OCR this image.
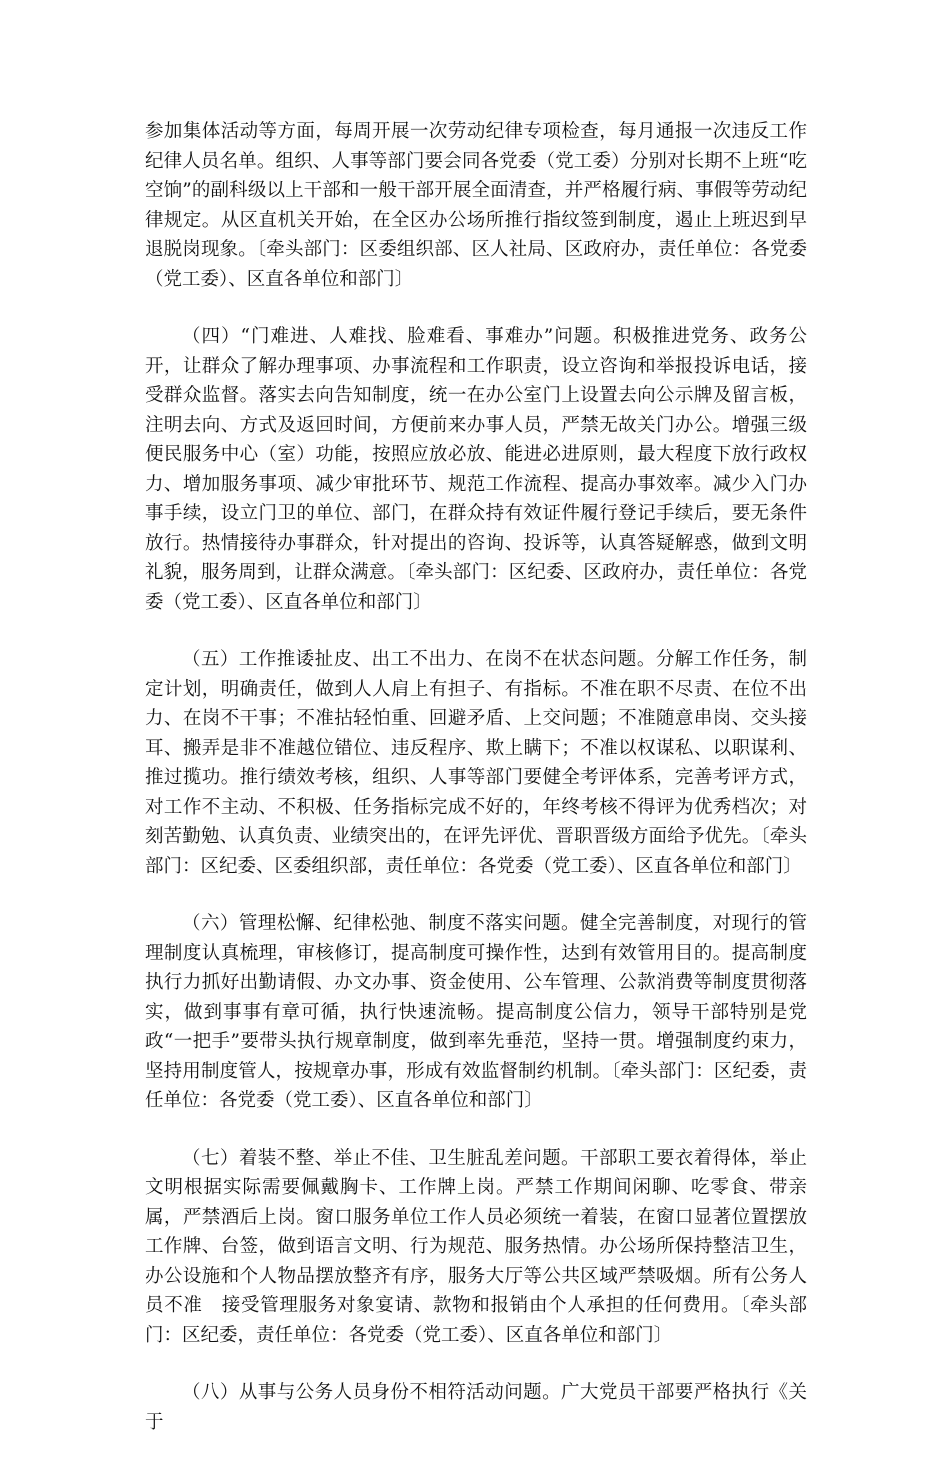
参加集体活动等方面，每周开展一次劳动纪律专项检查，每月通报一次违反工作纪律人员名单。组织、人事等部门要会同各党委（党工委）分别对长期不上班“吃空饷”的副科级以上干部和一般干部开展全面清查，并严格履行病、事假等劳动纪律规定。从区直机关开始，在全区办公场所推行指纹签到制度，遏止上班迟到早退脱岗现象。〔牵头部门：区委组织部、区人社局、区政府办，责任单位：各党委（党工委）、区直各单位和部门〕

（四）“门难进、人难找、脸难看、事难办”问题。积极推进党务、政务公开，让群众了解办理事项、办事流程和工作职责，设立咨询和举报投诉电话，接受群众监督。落实去向告知制度，统一在办公室门上设置去向公示牌及留言板，注明去向、方式及返回时间，方便前来办事人员，严禁无故关门办公。增强三级便民服务中心（室）功能，按照应放必放、能进必进原则，最大程度下放行政权力、增加服务事项、减少审批环节、规范工作流程、提高办事效率。减少入门办事手续，设立门卫的单位、部门，在群众持有效证件履行登记手续后，要无条件放行。热情接待办事群众，针对提出的咨询、投诉等，认真答疑解惑，做到文明礼貌，服务周到，让群众满意。〔牵头部门：区纪委、区政府办，责任单位：各党委（党工委）、区直各单位和部门〕

（五）工作推诿扯皮、出工不出力、在岗不在状态问题。分解工作任务，制定计划，明确责任，做到人人肩上有担子、有指标。不准在职不尽责、在位不出力、在岗不干事；不准拈轻怕重、回避矛盾、上交问题；不准随意串岗、交头接耳、搬弄是非不准越位错位、违反程序、欺上瞒下；不准以权谋私、以职谋利、推过揽功。推行绩效考核，组织、人事等部门要健全考评体系，完善考评方式，对工作不主动、不积极、任务指标完成不好的，年终考核不得评为优秀档次；对刻苦勤勉、认真负责、业绩突出的，在评先评优、晋职晋级方面给予优先。〔牵头部门：区纪委、区委组织部，责任单位：各党委（党工委）、区直各单位和部门〕

（六）管理松懈、纪律松弛、制度不落实问题。健全完善制度，对现行的管理制度认真梳理，审核修订，提高制度可操作性，达到有效管用目的。提高制度执行力抓好出勤请假、办文办事、资金使用、公车管理、公款消费等制度贯彻落实，做到事事有章可循，执行快速流畅。提高制度公信力，领导干部特别是党政“一把手”要带头执行规章制度，做到率先垂范，坚持一贯。增强制度约束力，坚持用制度管人，按规章办事，形成有效监督制约机制。〔牵头部门：区纪委，责任单位：各党委（党工委）、区直各单位和部门〕

（七）着装不整、举止不佳、卫生脏乱差问题。干部职工要衣着得体，举止文明根据实际需要佩戴胸卡、工作牌上岗。严禁工作期间闲聊、吃零食、带亲属，严禁酒后上岗。窗口服务单位工作人员必须统一着装，在窗口显著位置摆放工作牌、台签，做到语言文明、行为规范、服务热情。办公场所保持整洁卫生，办公设施和个人物品摆放整齐有序，服务大厅等公共区域严禁吸烟。所有公务人员不准　接受管理服务对象宴请、款物和报销由个人承担的任何费用。〔牵头部门：区纪委，责任单位：各党委（党工委）、区直各单位和部门〕

（八）从事与公务人员身份不相符活动问题。广大党员干部要严格执行《关于
